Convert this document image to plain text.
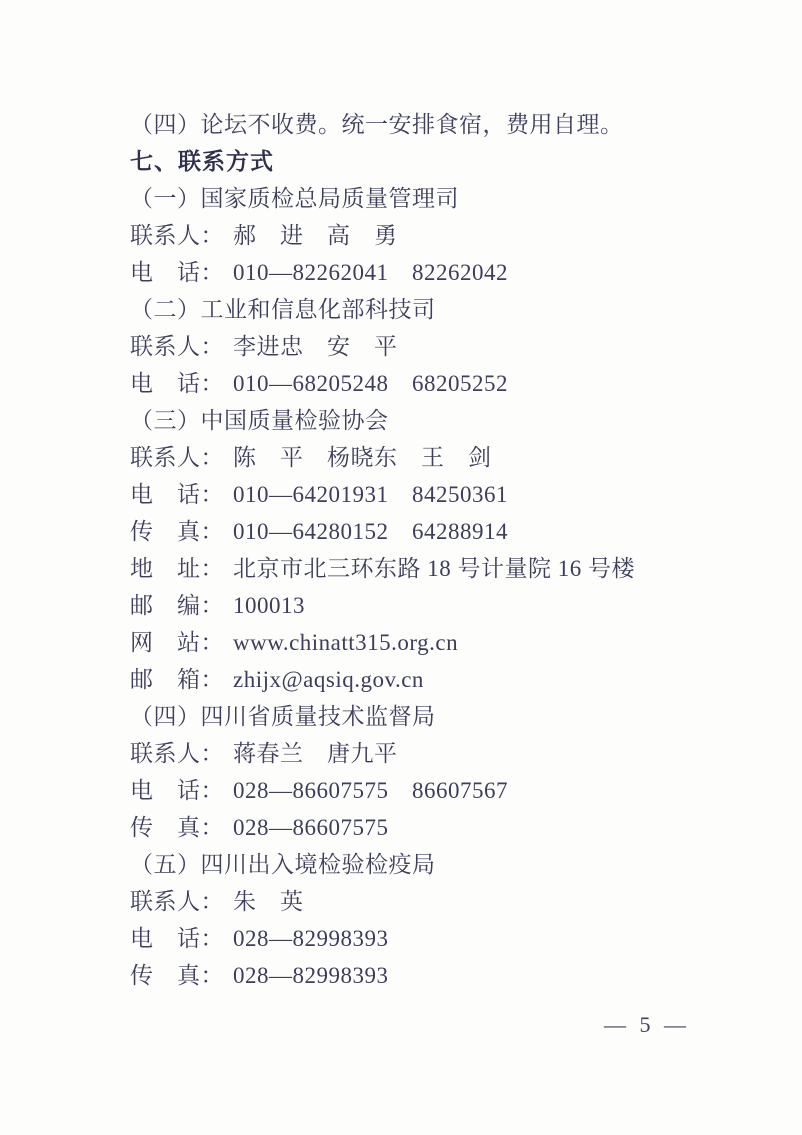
（四）论坛不收费。统一安排食宿，费用自理。
七、联系方式
（一）国家质检总局质量管理司
联系人： 郝　进　高　勇
电　话： 010—82262041　82262042
（二）工业和信息化部科技司
联系人： 李进忠　安　平
电　话： 010—68205248　68205252
（三）中国质量检验协会
联系人： 陈　平　杨晓东　王　剑
电　话： 010—64201931　84250361
传　真： 010—64280152　64288914
地　址： 北京市北三环东路 18 号计量院 16 号楼
邮　编： 100013
网　站： www.chinatt315.org.cn
邮　箱： zhijx@aqsiq.gov.cn
（四）四川省质量技术监督局
联系人： 蒋春兰　唐九平
电　话： 028—86607575　86607567
传　真： 028—86607575
（五）四川出入境检验检疫局
联系人： 朱　英
电　话： 028—82998393
传　真： 028—82998393
— 5 —
